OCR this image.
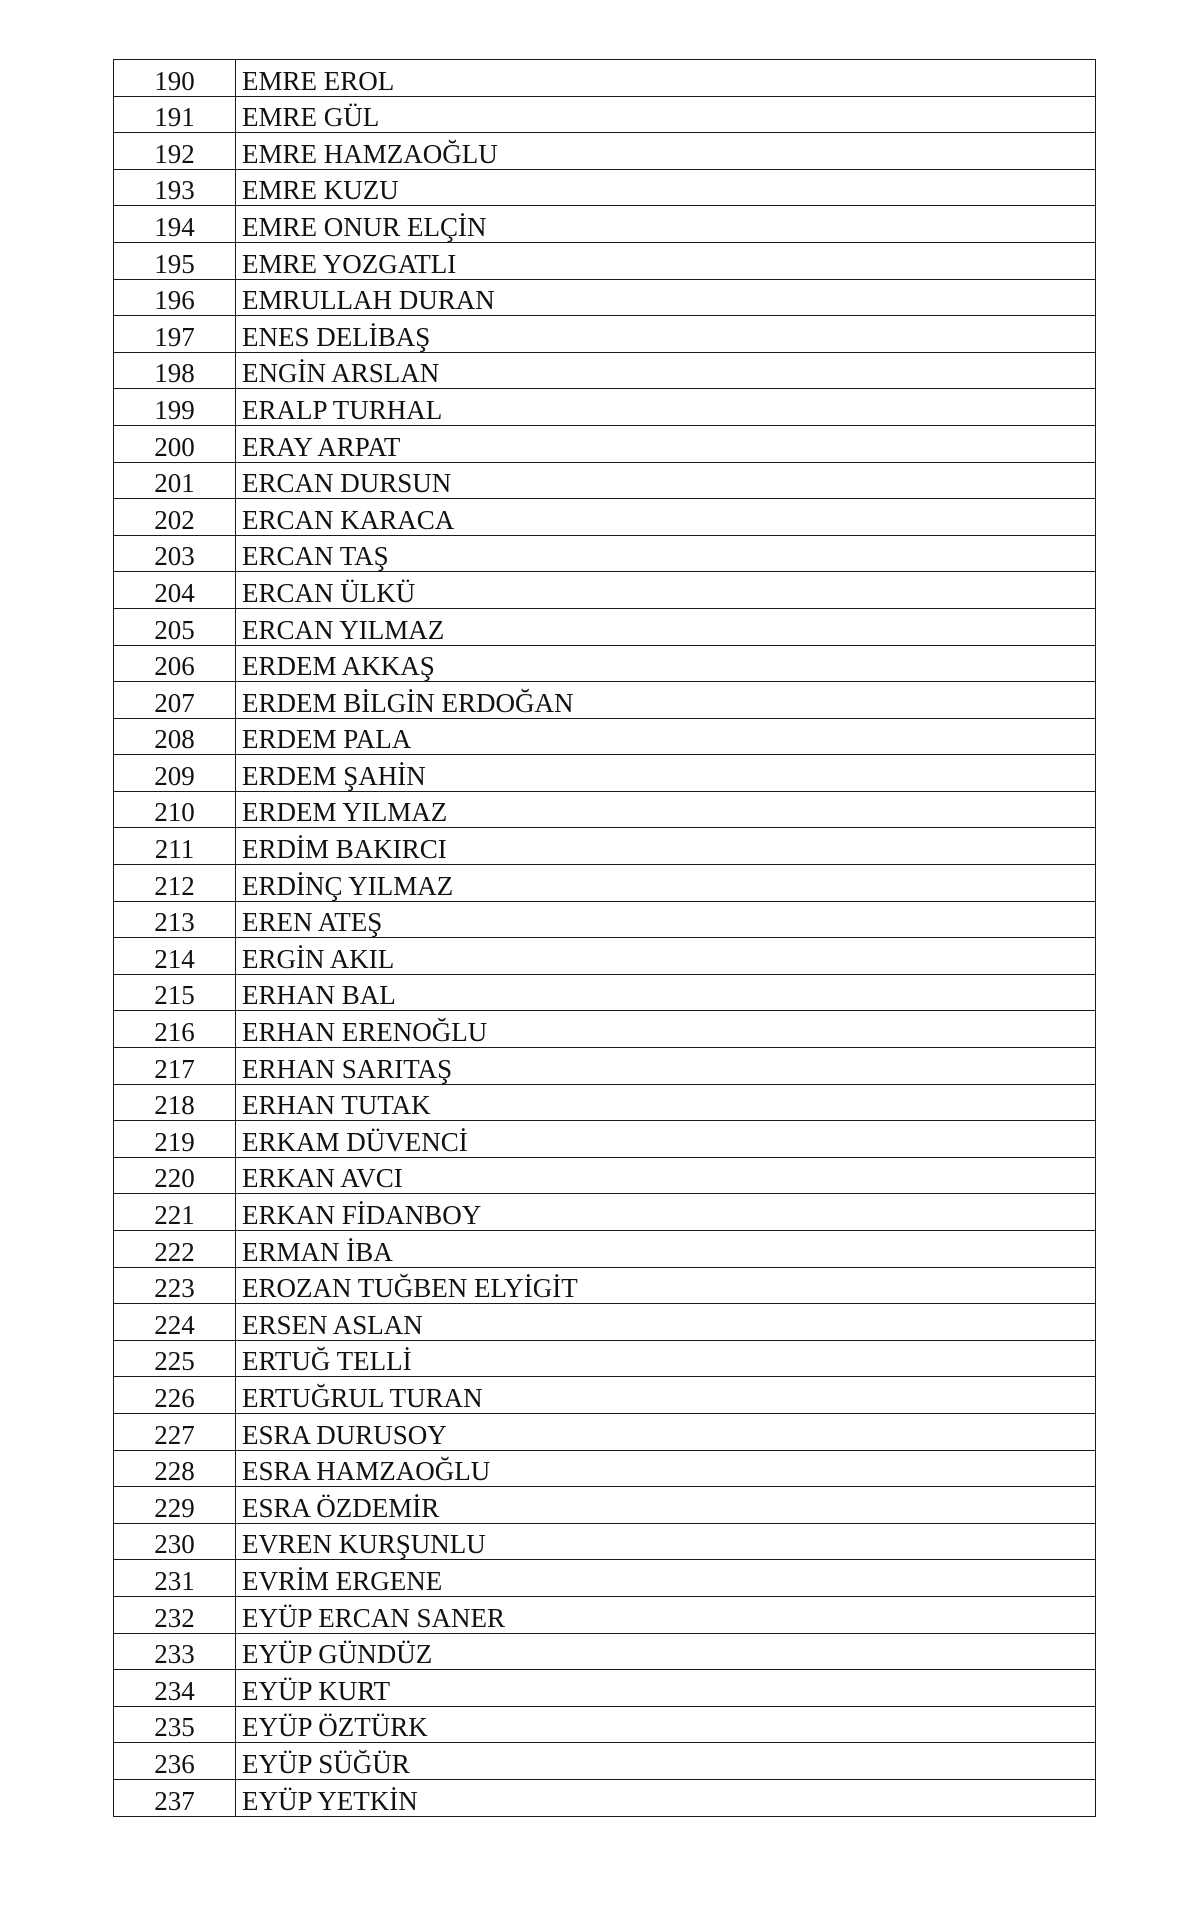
190	EMRE EROL
191	EMRE GÜL
192	EMRE HAMZAOĞLU
193	EMRE KUZU
194	EMRE ONUR ELÇİN
195	EMRE YOZGATLI
196	EMRULLAH DURAN
197	ENES DELİBAŞ
198	ENGİN ARSLAN
199	ERALP TURHAL
200	ERAY ARPAT
201	ERCAN DURSUN
202	ERCAN KARACA
203	ERCAN TAŞ
204	ERCAN ÜLKÜ
205	ERCAN YILMAZ
206	ERDEM AKKAŞ
207	ERDEM BİLGİN ERDOĞAN
208	ERDEM PALA
209	ERDEM ŞAHİN
210	ERDEM YILMAZ
211	ERDİM BAKIRCI
212	ERDİNÇ YILMAZ
213	EREN ATEŞ
214	ERGİN AKIL
215	ERHAN BAL
216	ERHAN ERENOĞLU
217	ERHAN SARITAŞ
218	ERHAN TUTAK
219	ERKAM DÜVENCİ
220	ERKAN AVCI
221	ERKAN FİDANBOY
222	ERMAN İBA
223	EROZAN TUĞBEN ELYİGİT
224	ERSEN ASLAN
225	ERTUĞ TELLİ
226	ERTUĞRUL TURAN
227	ESRA DURUSOY
228	ESRA HAMZAOĞLU
229	ESRA ÖZDEMİR
230	EVREN KURŞUNLU
231	EVRİM ERGENE
232	EYÜP ERCAN SANER
233	EYÜP GÜNDÜZ
234	EYÜP KURT
235	EYÜP ÖZTÜRK
236	EYÜP SÜĞÜR
237	EYÜP YETKİN
